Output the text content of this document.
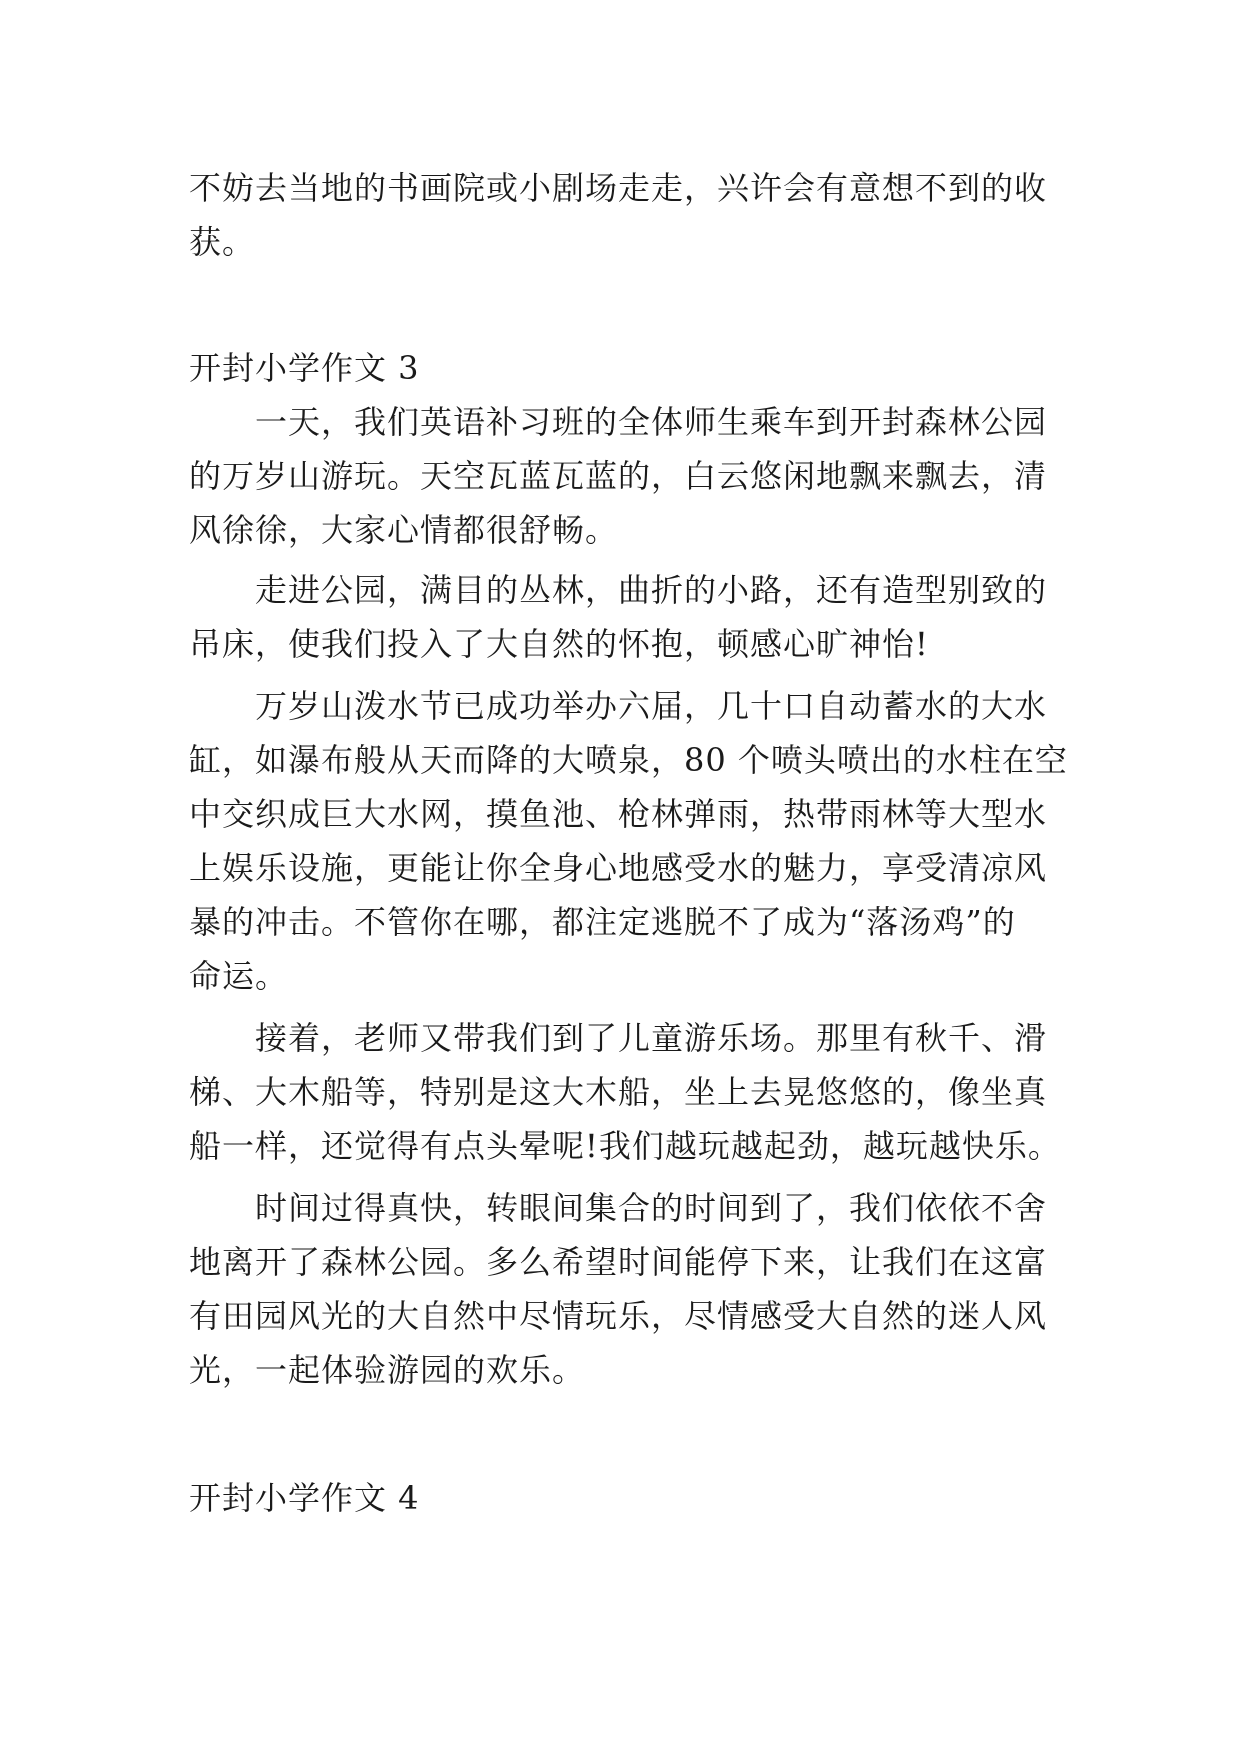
不妨去当地的书画院或小剧场走走，兴许会有意想不到的收
获。
开封小学作文 3
一天，我们英语补习班的全体师生乘车到开封森林公园
的万岁山游玩。天空瓦蓝瓦蓝的，白云悠闲地飘来飘去，清
风徐徐，大家心情都很舒畅。
走进公园，满目的丛林，曲折的小路，还有造型别致的
吊床，使我们投入了大自然的怀抱，顿感心旷神怡!
万岁山泼水节已成功举办六届，几十口自动蓄水的大水
缸，如瀑布般从天而降的大喷泉，80 个喷头喷出的水柱在空
中交织成巨大水网，摸鱼池、枪林弹雨，热带雨林等大型水
上娱乐设施，更能让你全身心地感受水的魅力，享受清凉风
暴的冲击。不管你在哪，都注定逃脱不了成为“落汤鸡”的
命运。
接着，老师又带我们到了儿童游乐场。那里有秋千、滑
梯、大木船等，特别是这大木船，坐上去晃悠悠的，像坐真
船一样，还觉得有点头晕呢!我们越玩越起劲，越玩越快乐。
时间过得真快，转眼间集合的时间到了，我们依依不舍
地离开了森林公园。多么希望时间能停下来，让我们在这富
有田园风光的大自然中尽情玩乐，尽情感受大自然的迷人风
光，一起体验游园的欢乐。
开封小学作文 4
